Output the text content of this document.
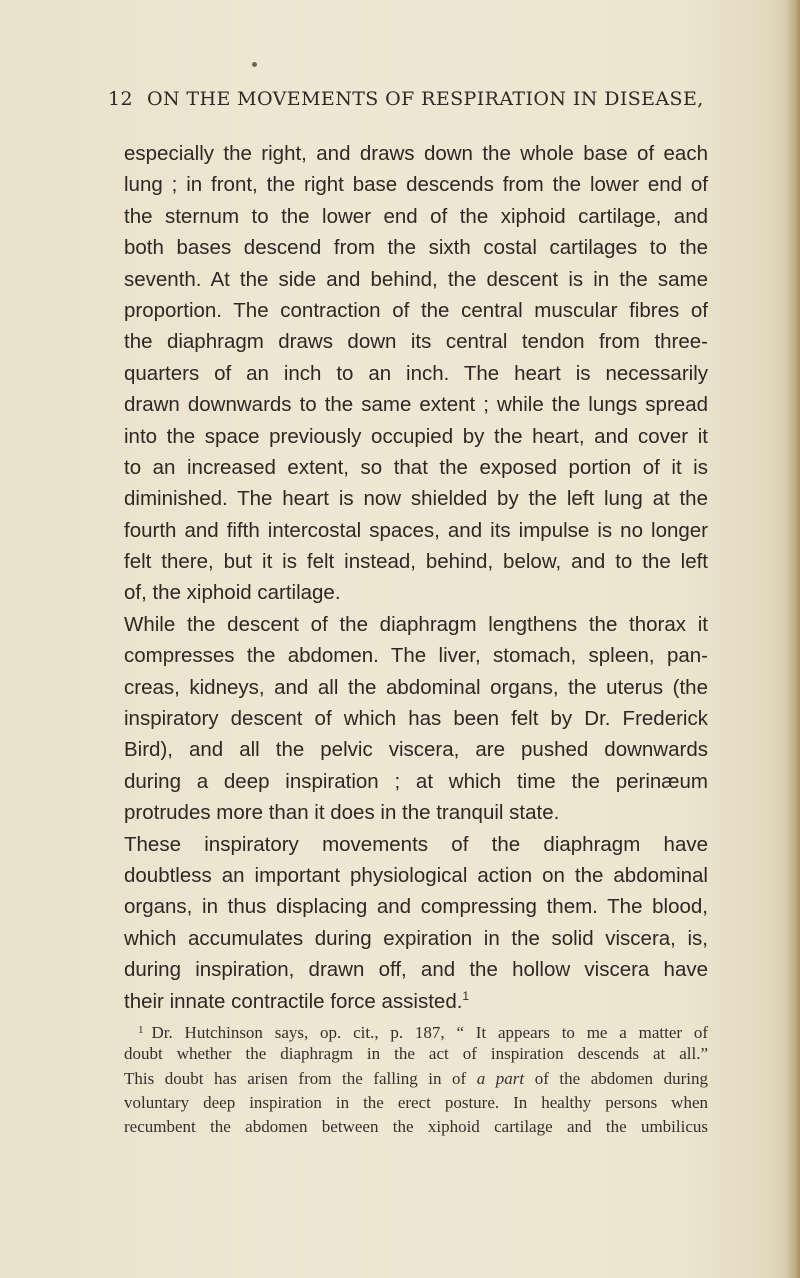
12 ON THE MOVEMENTS OF RESPIRATION IN DISEASE,
especially the right, and draws down the whole base of each
lung ; in front, the right base descends from the lower end of
the sternum to the lower end of the xiphoid cartilage, and
both bases descend from the sixth costal cartilages to the
seventh. At the side and behind, the descent is in the same
proportion. The contraction of the central muscular fibres of
the diaphragm draws down its central tendon from three-
quarters of an inch to an inch. The heart is necessarily
drawn downwards to the same extent ; while the lungs spread
into the space previously occupied by the heart, and cover it
to an increased extent, so that the exposed portion of it is
diminished. The heart is now shielded by the left lung at the
fourth and fifth intercostal spaces, and its impulse is no longer
felt there, but it is felt instead, behind, below, and to the left
of, the xiphoid cartilage.
While the descent of the diaphragm lengthens the thorax it
compresses the abdomen. The liver, stomach, spleen, pan-
creas, kidneys, and all the abdominal organs, the uterus (the
inspiratory descent of which has been felt by Dr. Frederick
Bird), and all the pelvic viscera, are pushed downwards
during a deep inspiration ; at which time the perinæum
protrudes more than it does in the tranquil state.
These inspiratory movements of the diaphragm have
doubtless an important physiological action on the abdominal
organs, in thus displacing and compressing them. The blood,
which accumulates during expiration in the solid viscera, is,
during inspiration, drawn off, and the hollow viscera have
their innate contractile force assisted.$^1$
$^1$ Dr. Hutchinson says, op. cit., p. 187, “ It appears to me a matter of
doubt whether the diaphragm in the act of inspiration descends at all.”
This doubt has arisen from the falling in of a part of the abdomen during
voluntary deep inspiration in the erect posture. In healthy persons when
recumbent the abdomen between the xiphoid cartilage and the umbilicus
